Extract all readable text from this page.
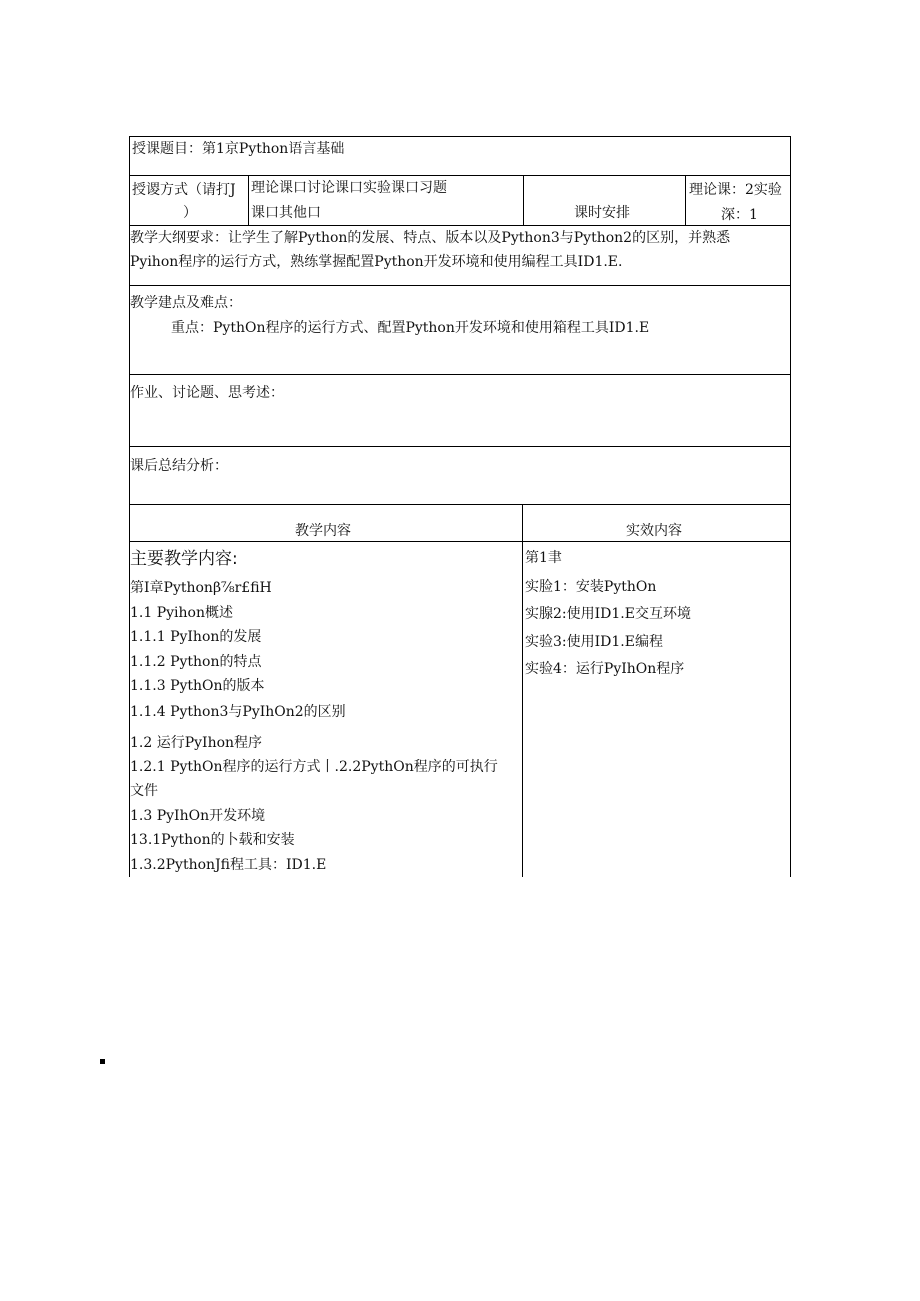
授课题目：第1京Python语言基础
授谡方式（请打J
）
理论课口讨论课口实验课口习题
课口其他口	课时安排
理论课：2实验
深：1
教学大纲要求：让学生了解Python的发展、特点、版本以及Python3与Python2的区别，并熟悉
Pyihon程序的运行方式，熟练掌握配置Python开发环境和使用编程工具ID1.E.
教学建点及难点：
重点：PythOn程序的运行方式、配置Python开发环境和使用箱程工具ID1.E
作业、讨论题、思考述：
课后总结分析：
教学内容	实效内容
主要教学内容:
第I章Pythonβ⅞r£fiH
1.1 Pyihon概述
1.1.1 PyIhon的发展
1.1.2 Python的特点
1.1.3 PythOn的版本
1.1.4 Python3与PyIhOn2的区别
1.2 运行PyIhon程序
1.2.1 PythOn程序的运行方式丨.2.2PythOn程序的可执行
文件
1.3 PyIhOn开发环境
13.1Python的卜载和安装
1.3.2PythonJfi程工具：ID1.E
第1聿
实脸1：安装PythOn
实腺2:使用ID1.E交互环境
实验3:使用ID1.E编程
实验4：运行PyIhOn程序
